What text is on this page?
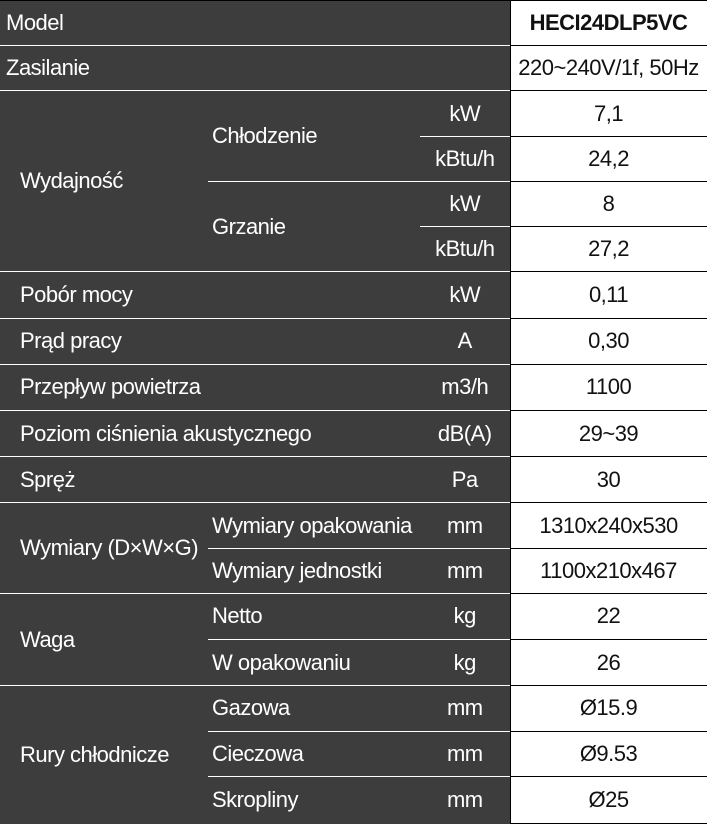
Model			HECI24DLP5VC
Zasilanie			220~240V/1f, 50Hz
Wydajność	Chłodzenie	kW	7,1
		kBtu/h	24,2
	Grzanie	kW	8
		kBtu/h	27,2
Pobór mocy		kW	0,11
Prąd pracy		A	0,30
Przepływ powietrza		m3/h	1100
Poziom ciśnienia akustycznego		dB(A)	29~39
Spręż		Pa	30
Wymiary (D×W×G)	Wymiary opakowania	mm	1310x240x530
	Wymiary jednostki	mm	1100x210x467
Waga	Netto	kg	22
	W opakowaniu	kg	26
Rury chłodnicze	Gazowa	mm	Ø15.9
	Cieczowa	mm	Ø9.53
	Skropliny	mm	Ø25
